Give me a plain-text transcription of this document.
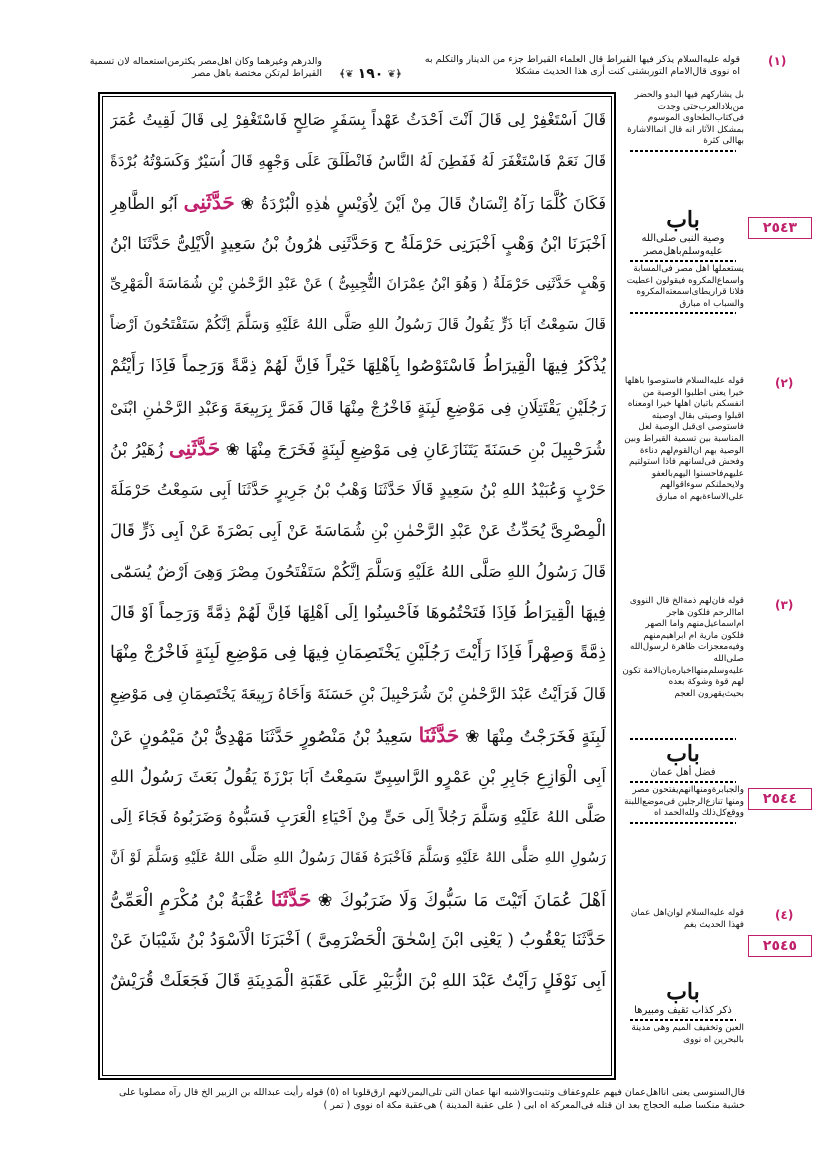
(١)
قوله عليه‌السلام يذكر فيها القيراط قال العلماء القيراط جزء من الدينار والتكلم به اه نووى قال‌الامام التوربشتى كنت أرى هذا الحديث مشكلا
﴾❦ ١٩٠ ❦﴿
والدرهم وغيرهما وكان اهل‌مصر يكثرمن‌استعماله لان تسمية القيراط لم‌تكن مختصة باهل مصر
قَالَ اَسْتَغْفِرْ لِى قَالَ اَنْتَ اَحْدَثُ عَهْداً بِسَفَرٍ صَالِحٍ فَاسْتَغْفِرْ لِى قَالَ لَقِيتُ عُمَرَ
قَالَ نَعَمْ فَاسْتَغْفَرَ لَهُ فَفَطِنَ لَهُ النَّاسُ فَانْطَلَقَ عَلَى وَجْهِهِ قَالَ اُسَيْرٌ وَكَسَوْتُهُ بُرْدَةً
فَكَانَ كُلَّمَا رَآهُ اِنْسَانٌ قَالَ مِنْ اَيْنَ لِاُوَيْسٍ هٰذِهِ الْبُرْدَةُ ❀ حَدَّثَنِى اَبُو الطَّاهِرِ
اَخْبَرَنَا ابْنُ وَهْبٍ اَخْبَرَنِى حَرْمَلَةُ ح وَحَدَّثَنِى هٰرُونُ بْنُ سَعِيدٍ الْاَيْلِىُّ حَدَّثَنَا ابْنُ
وَهْبٍ حَدَّثَنِى حَرْمَلَةُ ( وَهُوَ ابْنُ عِمْرَانَ التُّجِيبِىُّ ) عَنْ عَبْدِ الرَّحْمٰنِ بْنِ شُمَاسَةَ الْمَهْرِىِّ
قَالَ سَمِعْتُ اَبَا ذَرٍّ يَقُولُ قَالَ رَسُولُ اللهِ صَلَّى اللهُ عَلَيْهِ وَسَلَّمَ اِنَّكُمْ سَتَفْتَحُونَ اَرْضاً
يُذْكَرُ فِيهَا الْقِيرَاطُ فَاسْتَوْصُوا بِاَهْلِهَا خَيْراً فَاِنَّ لَهُمْ ذِمَّةً وَرَحِماً فَاِذَا رَأَيْتُمْ
رَجُلَيْنِ يَقْتَتِلَانِ فِى مَوْضِعِ لَبِنَةٍ فَاخْرُجْ مِنْهَا قَالَ فَمَرَّ بِرَبِيعَةَ وَعَبْدِ الرَّحْمٰنِ ابْنَىْ
شُرَحْبِيلَ بْنِ حَسَنَةَ يَتَنَازَعَانِ فِى مَوْضِعِ لَبِنَةٍ فَخَرَجَ مِنْهَا ❀ حَدَّثَنِى زُهَيْرُ بْنُ
حَرْبٍ وَعُبَيْدُ اللهِ بْنُ سَعِيدٍ قَالَا حَدَّثَنَا وَهْبُ بْنُ جَرِيرٍ حَدَّثَنَا اَبِى سَمِعْتُ حَرْمَلَةَ
الْمِصْرِىَّ يُحَدِّثُ عَنْ عَبْدِ الرَّحْمٰنِ بْنِ شُمَاسَةَ عَنْ اَبِى بَصْرَةَ عَنْ اَبِى ذَرٍّ قَالَ
قَالَ رَسُولُ اللهِ صَلَّى اللهُ عَلَيْهِ وَسَلَّمَ اِنَّكُمْ سَتَفْتَحُونَ مِصْرَ وَهِىَ اَرْضٌ يُسَمّٰى
فِيهَا الْقِيرَاطُ فَاِذَا فَتَحْتُمُوهَا فَاَحْسِنُوا اِلَى اَهْلِهَا فَاِنَّ لَهُمْ ذِمَّةً وَرَحِماً اَوْ قَالَ
ذِمَّةً وَصِهْراً فَاِذَا رَأَيْتَ رَجُلَيْنِ يَخْتَصِمَانِ فِيهَا فِى مَوْضِعِ لَبِنَةٍ فَاخْرُجْ مِنْهَا
قَالَ فَرَاَيْتُ عَبْدَ الرَّحْمٰنِ بْنَ شُرَحْبِيلَ بْنِ حَسَنَةَ وَاَخَاهُ رَبِيعَةَ يَخْتَصِمَانِ فِى مَوْضِعِ
لَبِنَةٍ فَخَرَجْتُ مِنْهَا ❀ حَدَّثَنَا سَعِيدُ بْنُ مَنْصُورٍ حَدَّثَنَا مَهْدِىُّ بْنُ مَيْمُونٍ عَنْ
اَبِى الْوَازِعِ جَابِرِ بْنِ عَمْرٍو الرَّاسِبِىِّ سَمِعْتُ اَبَا بَرْزَةَ يَقُولُ بَعَثَ رَسُولُ اللهِ
صَلَّى اللهُ عَلَيْهِ وَسَلَّمَ رَجُلاً اِلَى حَىٍّ مِنْ اَحْيَاءِ الْعَرَبِ فَسَبُّوهُ وَضَرَبُوهُ فَجَاءَ اِلَى
رَسُولِ اللهِ صَلَّى اللهُ عَلَيْهِ وَسَلَّمَ فَاَخْبَرَهُ فَقَالَ رَسُولُ اللهِ صَلَّى اللهُ عَلَيْهِ وَسَلَّمَ لَوْ اَنَّ
اَهْلَ عُمَانَ اَتَيْتَ مَا سَبُّوكَ وَلَا ضَرَبُوكَ ❀ حَدَّثَنَا عُقْبَةُ بْنُ مُكْرَمٍ الْعَمِّىُّ
حَدَّثَنَا يَعْقُوبُ ( يَعْنِى ابْنَ اِسْحٰقَ الْحَضْرَمِىَّ ) اَخْبَرَنَا الْاَسْوَدُ بْنُ شَيْبَانَ عَنْ
اَبِى نَوْفَلٍ رَاَيْتُ عَبْدَ اللهِ بْنَ الزُّبَيْرِ عَلَى عَقَبَةِ الْمَدِينَةِ قَالَ فَجَعَلَتْ قُرَيْشٌ
بل يشاركهم فيها البدو والحضر من‌بلادالعرب‌حتى وجدت فى‌كتاب‌الطحاوى الموسوم بمشكل الآثار انه قال انما‌الاشارة بها‌الى كثرة
باب
وصية النبى صلى‌الله عليه‌وسلم‌باهل‌مصر
يستعملها اهل مصر فى‌المسابة واسماع‌المكروه فيقولون اعطيت فلانا قراريطاى‌اسمعته‌المكروه والسباب اه مبارق
قوله عليه‌السلام فاستوصوا باهلها خيرا يعنى اطلبوا الوصية من انفسكم باتيان اهلها خيرا اومعناه اقبلوا وصيتى بقال اوصيته فاستوصى اى‌قبل الوصية لعل المناسبة بين تسمية القيراط وبين الوصية بهم ان‌القوم‌لهم دناءة وفحش فى‌لسانهم فاذا استولتيم عليهم‌فاحسنوا اليهم‌بالعفو ولايحملنكم سوءاقوالهم على‌الاساءةبهم اه مبارق
قوله فان‌لهم ذمة‌الخ قال النووى اماالرحم فلكون هاجر ام‌اسماعيل‌منهم واما الصهر فلكون مارية ام ابراهيم‌منهم وفيه‌معجزات ظاهرة لرسول‌الله صلى‌الله عليه‌وسلم‌منهااخباره‌بان‌الامة تكون لهم قوة وشوكة بعده بحيث‌يقهرون العجم
باب
فضل أهل عمان
والجبابرة‌ومنهاانهم‌يفتحون مصر ومنها تنازع‌الرجلين فى‌موضع‌اللبنة ووقع‌كل‌ذلك ولله‌الحمد اه
قوله عليه‌السلام لوان‌اهل عمان فهذا الحديث بغم
باب
ذكر كذاب ثقيف ومبيرها
العين وتخفيف الميم وهى مدينة بالبحرين اه نووى
٢٥٤٣
٢٥٤٤
٢٥٤٥
(٢)
(٣)
(٤)
قال‌السنوسى يعنى انااهل‌عمان فيهم علم‌وعفاف وتثبت‌والاشبه انها عمان التى تلى‌اليمن‌لانهم ارق‌قلوبا اه (٥) قوله رأيت عبدالله بن الزبير الخ قال رآه مصلوبا على خشبة منكسا صلبه الحجاج بعد ان قتله فى‌المعركة اه ابى ( على عقبة المدينة ) هى‌عقبة مكة اه نووى ( تمر )
